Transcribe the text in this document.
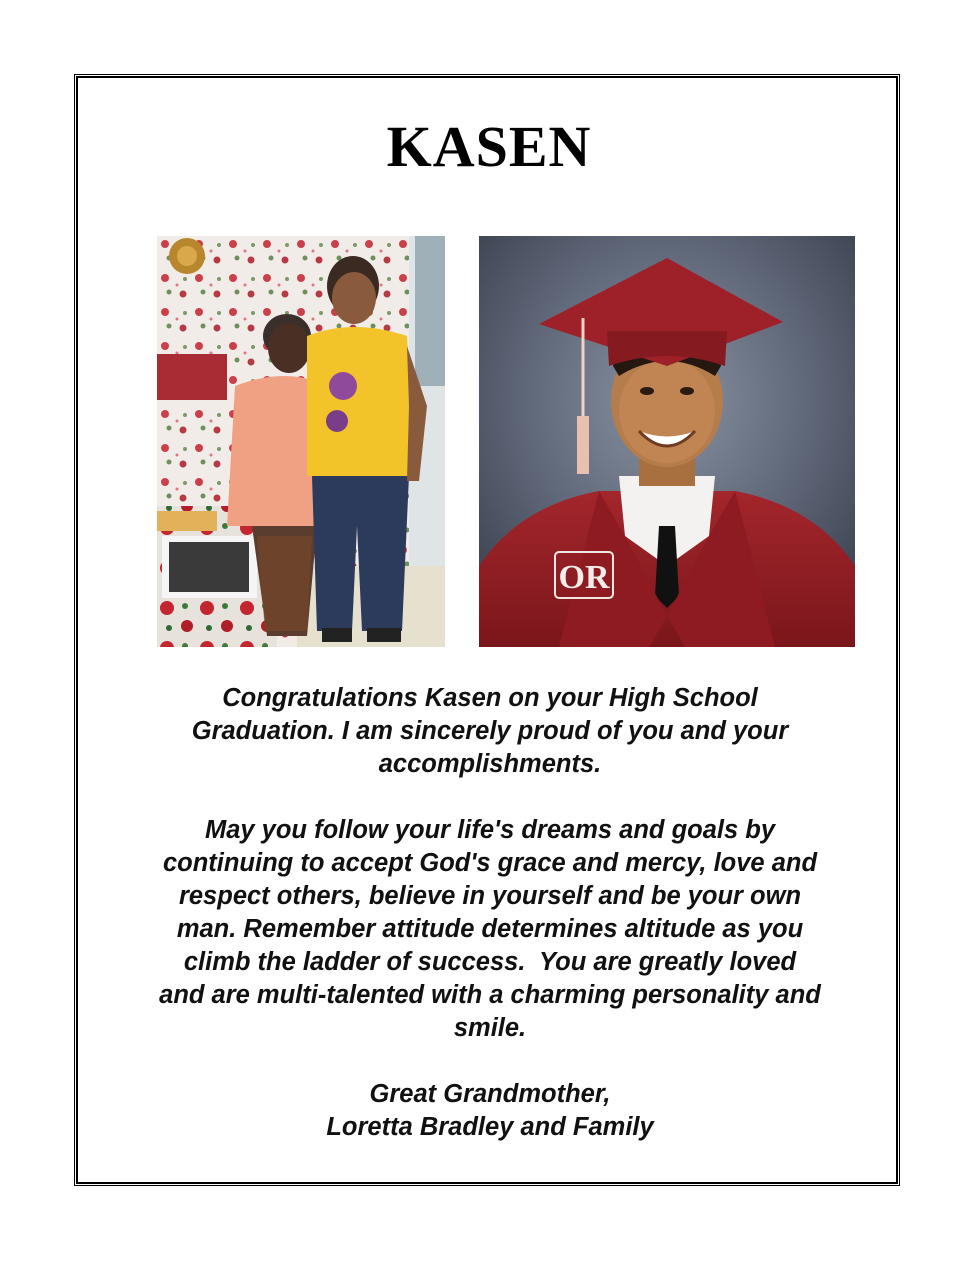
KASEN
OR
Congratulations Kasen on your High School
Graduation. I am sincerely proud of you and your
accomplishments.
May you follow your life's dreams and goals by
continuing to accept God's grace and mercy, love and
respect others, believe in yourself and be your own
man. Remember attitude determines altitude as you
climb the ladder of success.  You are greatly loved
and are multi-talented with a charming personality and
smile.
Great Grandmother,
Loretta Bradley and Family
